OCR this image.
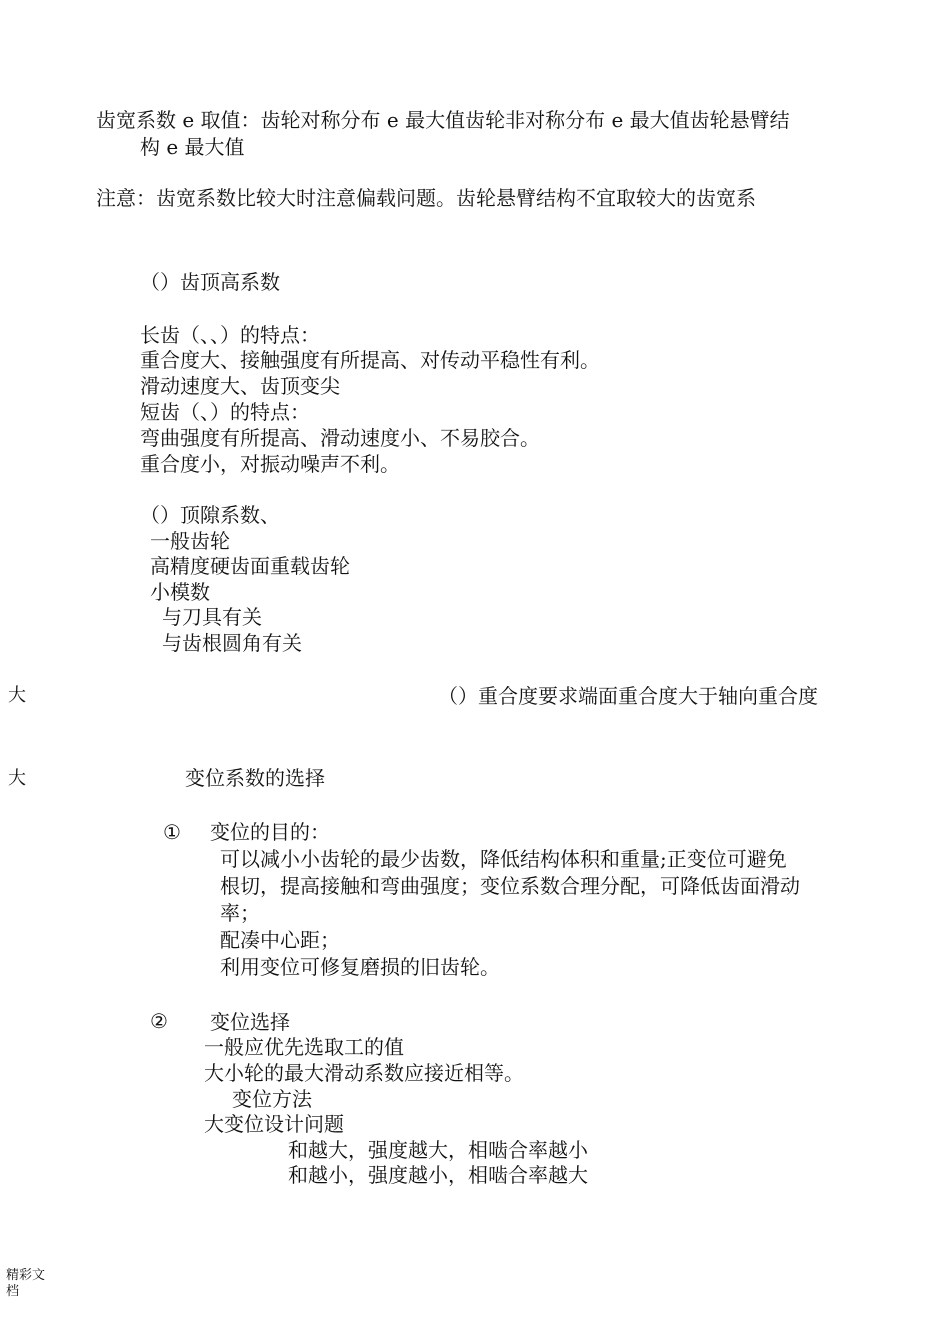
齿宽系数 e 取值：齿轮对称分布 e 最大值齿轮非对称分布 e 最大值齿轮悬臂结
构 e 最大值
注意：齿宽系数比较大时注意偏载问题。齿轮悬臂结构不宜取较大的齿宽系
（）齿顶高系数
长齿（、、）的特点：
重合度大、接触强度有所提高、对传动平稳性有利。
滑动速度大、齿顶变尖
短齿（、）的特点：
弯曲强度有所提高、滑动速度小、不易胶合。
重合度小，对振动噪声不利。
（）顶隙系数、
一般齿轮
高精度硬齿面重载齿轮
小模数
与刀具有关
与齿根圆角有关
大	（）重合度要求端面重合度大于轴向重合度
大	变位系数的选择
① 变位的目的：
可以减小小齿轮的最少齿数，降低结构体积和重量;正变位可避免
根切，提高接触和弯曲强度；变位系数合理分配，可降低齿面滑动
率；
配凑中心距；
利用变位可修复磨损的旧齿轮。
② 变位选择
一般应优先选取工的值
大小轮的最大滑动系数应接近相等。
变位方法
大变位设计问题
和越大，强度越大，相啮合率越小
和越小，强度越小，相啮合率越大
精彩文
档
